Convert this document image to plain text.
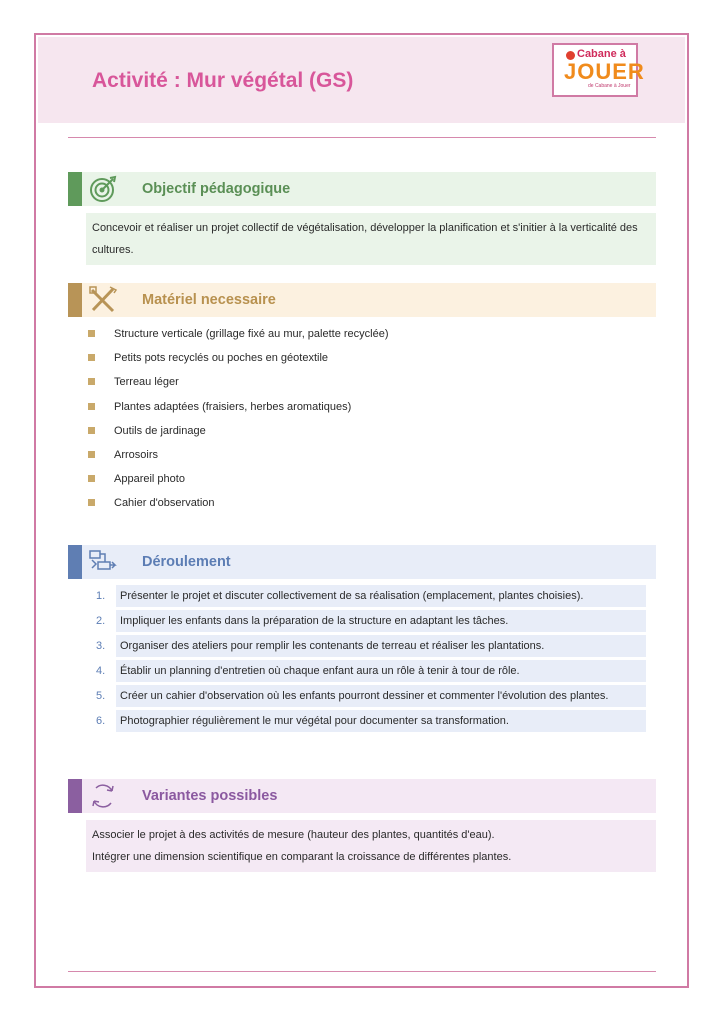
Activité : Mur végétal (GS)
Cabane à
JOUER
de Cabane à Jouer
Objectif pédagogique

Concevoir et réaliser un projet collectif de végétalisation, développer la planification et s'initier à la verticalité des cultures.

Matériel necessaire
Structure verticale (grillage fixé au mur, palette recyclée)
Petits pots recyclés ou poches en géotextile
Terreau léger
Plantes adaptées (fraisiers, herbes aromatiques)
Outils de jardinage
Arrosoirs
Appareil photo
Cahier d'observation
Déroulement
1.	Présenter le projet et discuter collectivement de sa réalisation (emplacement, plantes choisies).
2.	Impliquer les enfants dans la préparation de la structure en adaptant les tâches.
3.	Organiser des ateliers pour remplir les contenants de terreau et réaliser les plantations.
4.	Établir un planning d'entretien où chaque enfant aura un rôle à tenir à tour de rôle.
5.	Créer un cahier d'observation où les enfants pourront dessiner et commenter l'évolution des plantes.
6.	Photographier régulièrement le mur végétal pour documenter sa transformation.
Variantes possibles

Associer le projet à des activités de mesure (hauteur des plantes, quantités d'eau).

Intégrer une dimension scientifique en comparant la croissance de différentes plantes.
